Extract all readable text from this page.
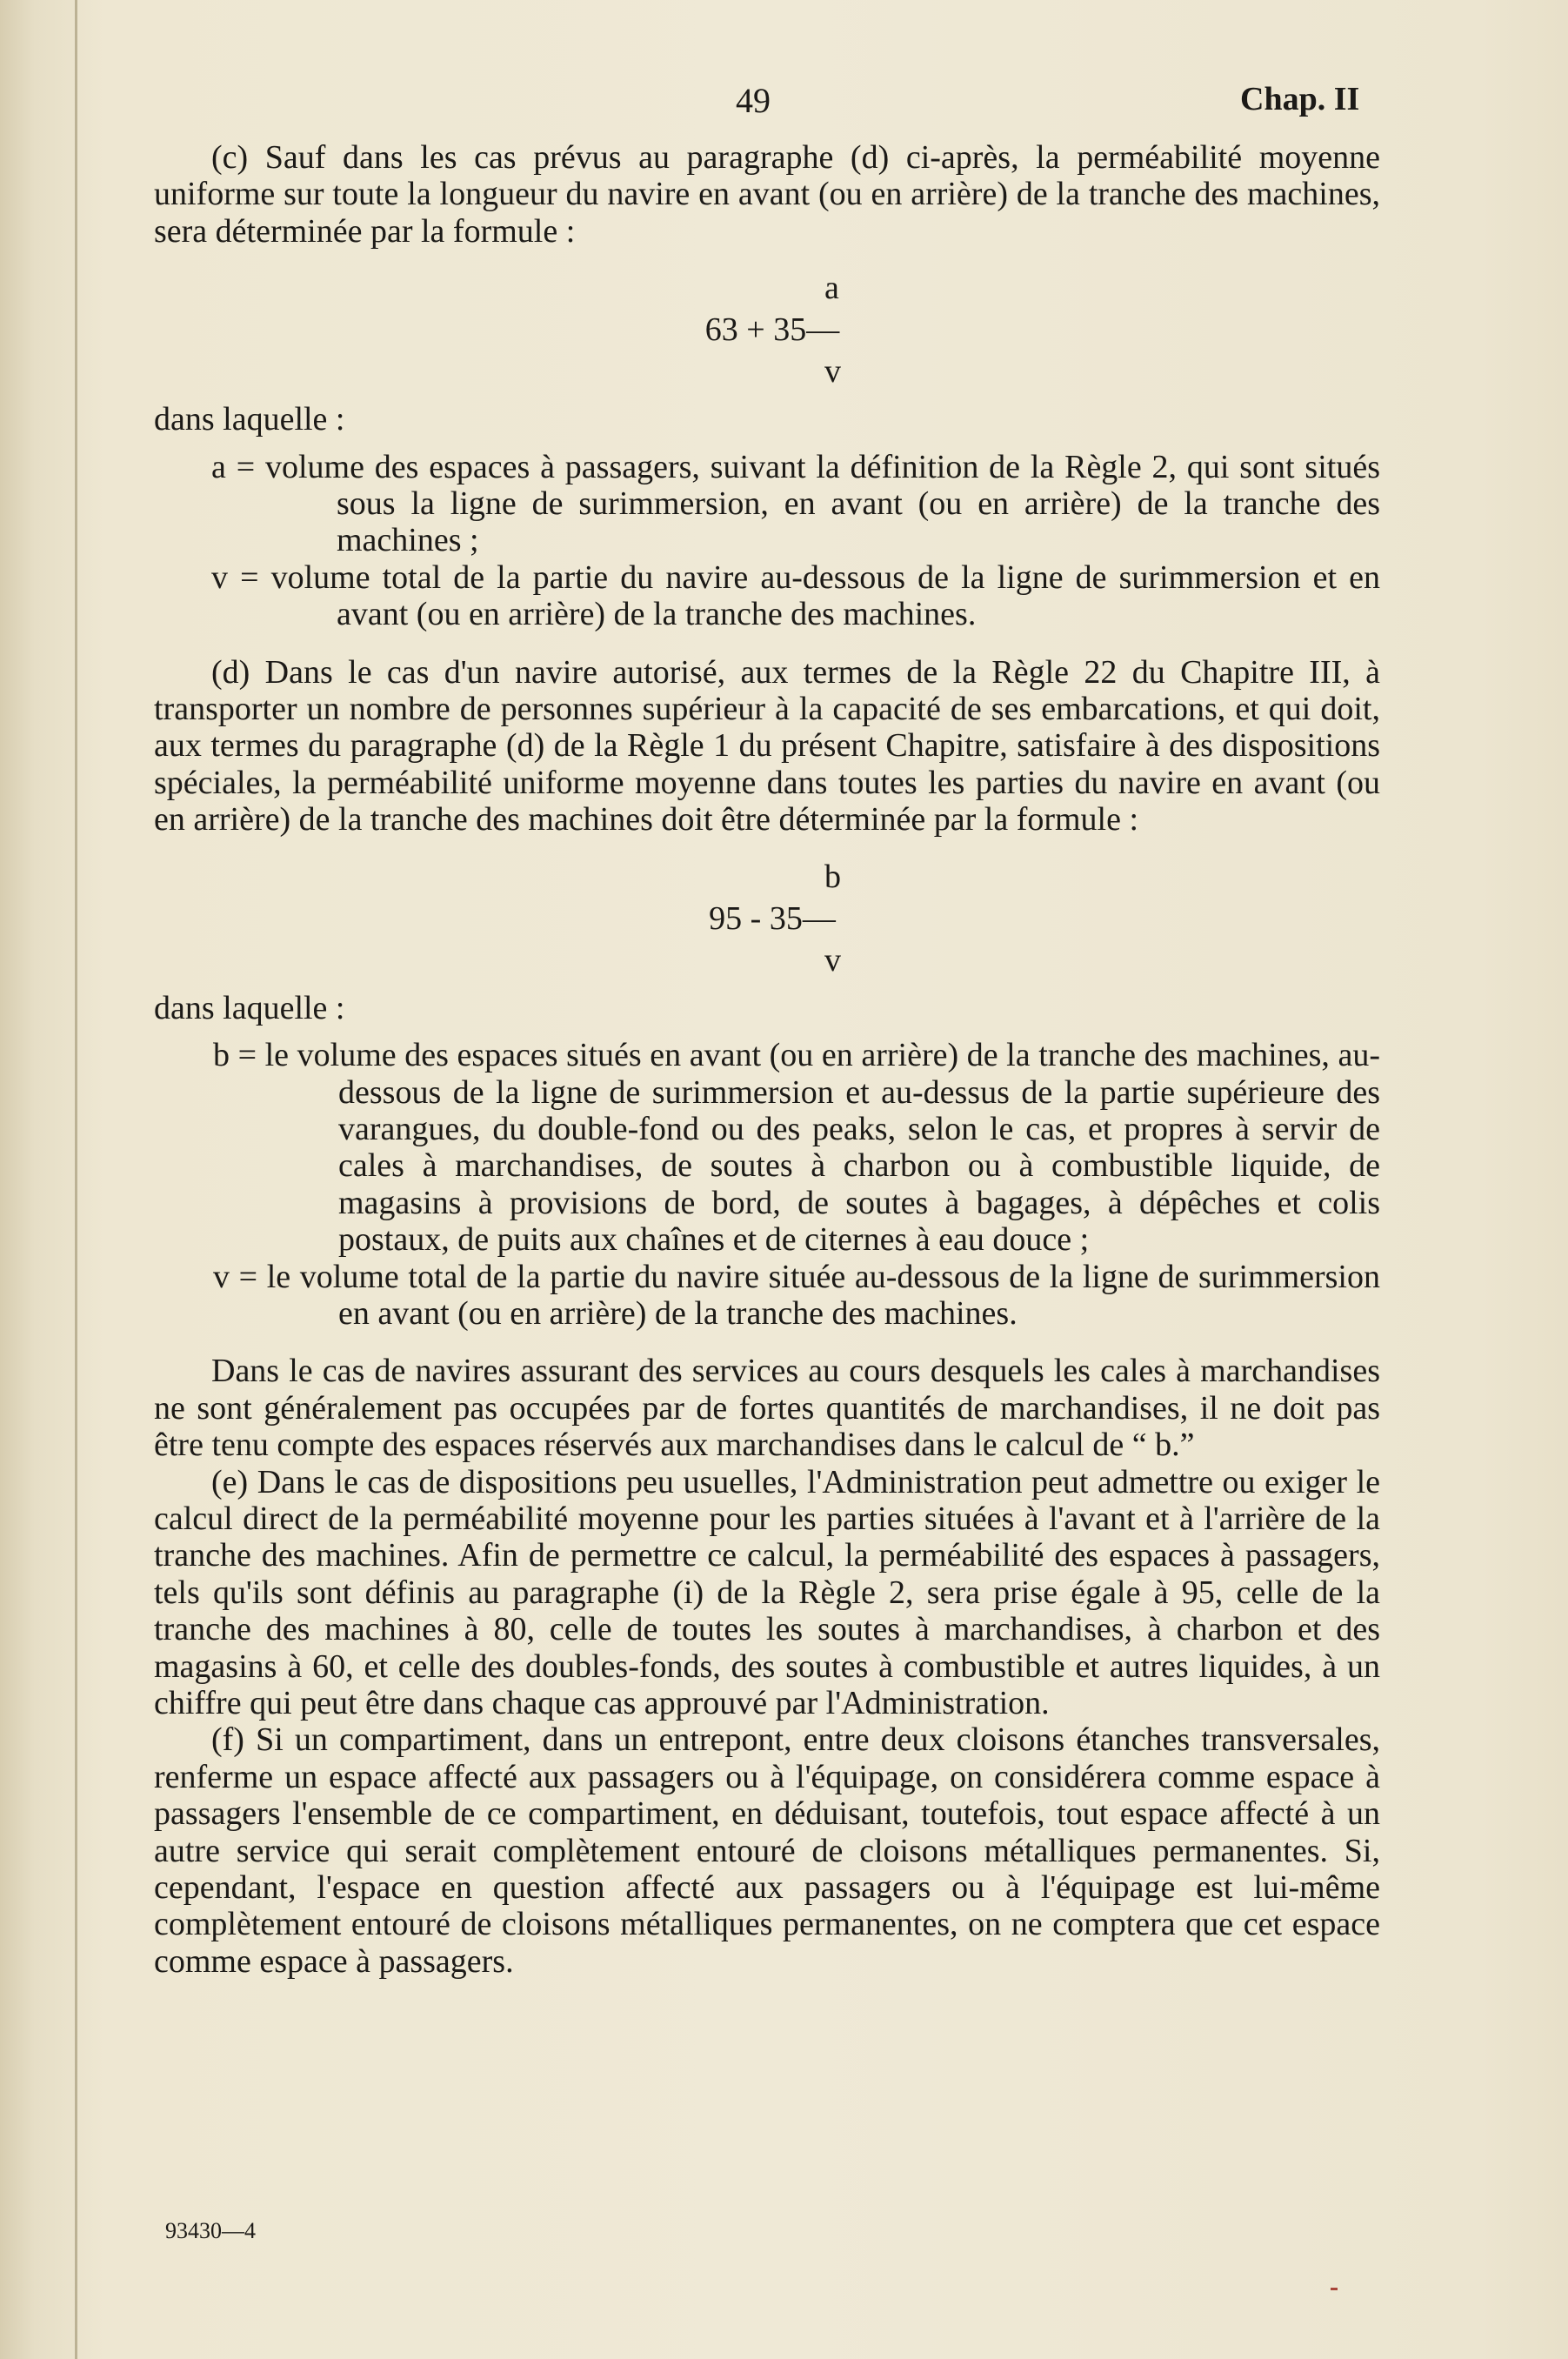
49	Chap. II

(c) Sauf dans les cas prévus au paragraphe (d) ci-après, la perméabilité moyenne uniforme sur toute la longueur du navire en avant (ou en arrière) de la tranche des machines, sera déterminée par la formule :

a
63 + 35—
v

dans laquelle :

a = volume des espaces à passagers, suivant la définition de la Règle 2, qui sont situés sous la ligne de surimmersion, en avant (ou en arrière) de la tranche des machines ;

v = volume total de la partie du navire au-dessous de la ligne de surimmersion et en avant (ou en arrière) de la tranche des machines.

(d) Dans le cas d'un navire autorisé, aux termes de la Règle 22 du Chapitre III, à transporter un nombre de personnes supérieur à la capacité de ses embarcations, et qui doit, aux termes du paragraphe (d) de la Règle 1 du présent Chapitre, satisfaire à des dispositions spéciales, la perméabilité uniforme moyenne dans toutes les parties du navire en avant (ou en arrière) de la tranche des machines doit être déterminée par la formule :

b
95 - 35—
v

dans laquelle :

b = le volume des espaces situés en avant (ou en arrière) de la tranche des machines, au-dessous de la ligne de surimmersion et au-dessus de la partie supérieure des varangues, du double-fond ou des peaks, selon le cas, et propres à servir de cales à marchandises, de soutes à charbon ou à combustible liquide, de magasins à provisions de bord, de soutes à bagages, à dépêches et colis postaux, de puits aux chaînes et de citernes à eau douce ;

v = le volume total de la partie du navire située au-dessous de la ligne de surimmersion en avant (ou en arrière) de la tranche des machines.

Dans le cas de navires assurant des services au cours desquels les cales à marchandises ne sont généralement pas occupées par de fortes quantités de marchandises, il ne doit pas être tenu compte des espaces réservés aux marchandises dans le calcul de “ b.”

(e) Dans le cas de dispositions peu usuelles, l'Administration peut admettre ou exiger le calcul direct de la perméabilité moyenne pour les parties situées à l'avant et à l'arrière de la tranche des machines. Afin de permettre ce calcul, la perméabilité des espaces à passagers, tels qu'ils sont définis au paragraphe (i) de la Règle 2, sera prise égale à 95, celle de la tranche des machines à 80, celle de toutes les soutes à marchandises, à charbon et des magasins à 60, et celle des doubles-fonds, des soutes à combustible et autres liquides, à un chiffre qui peut être dans chaque cas approuvé par l'Administration.

(f) Si un compartiment, dans un entrepont, entre deux cloisons étanches transversales, renferme un espace affecté aux passagers ou à l'équipage, on considérera comme espace à passagers l'ensemble de ce compartiment, en déduisant, toutefois, tout espace affecté à un autre service qui serait complètement entouré de cloisons métalliques permanentes. Si, cependant, l'espace en question affecté aux passagers ou à l'équipage est lui-même complètement entouré de cloisons métalliques permanentes, on ne comptera que cet espace comme espace à passagers.

93430—4
